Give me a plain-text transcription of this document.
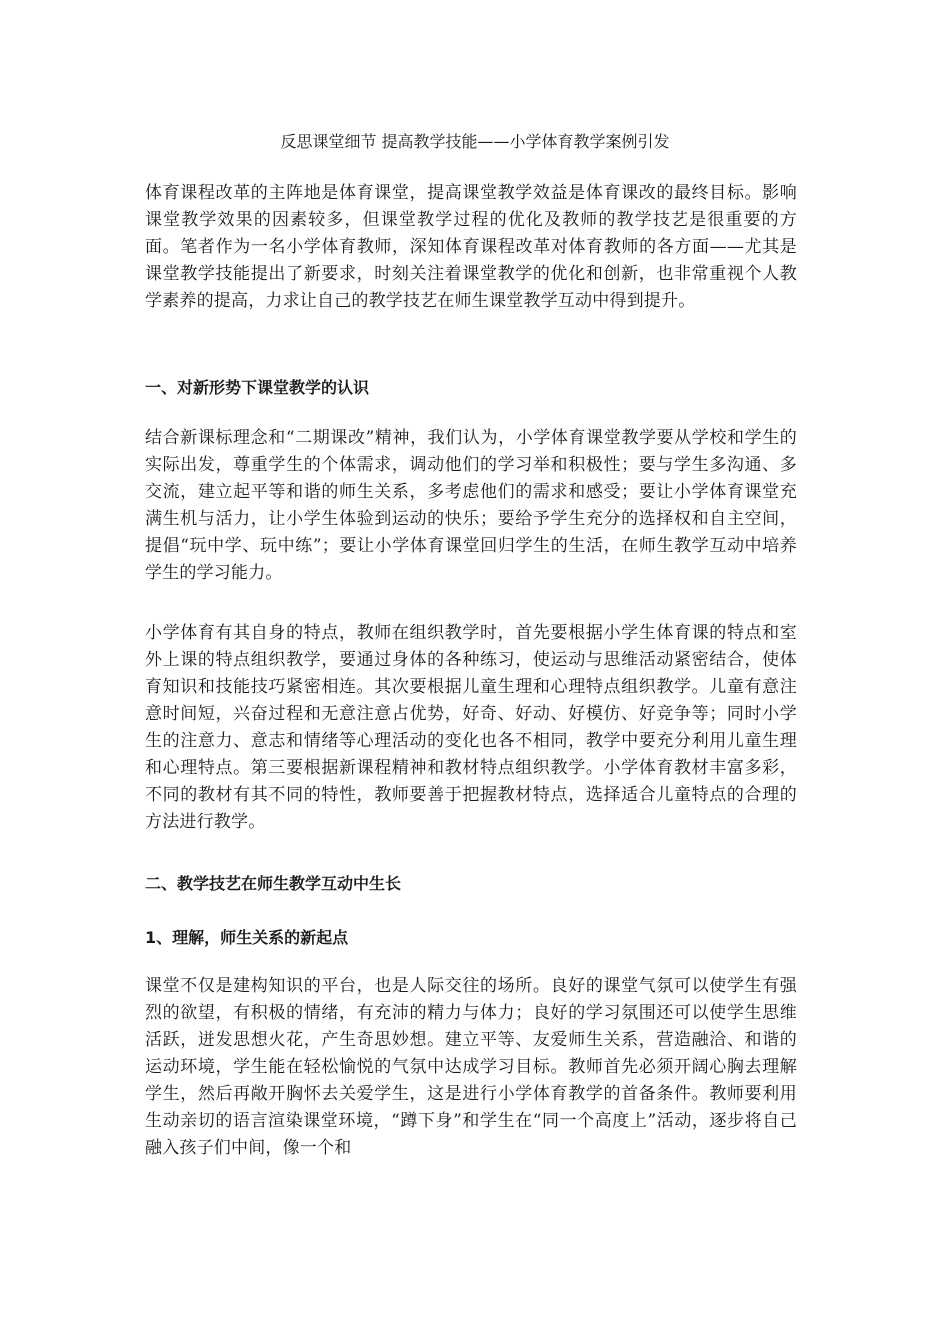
反思课堂细节 提高教学技能——小学体育教学案例引发

体育课程改革的主阵地是体育课堂，提高课堂教学效益是体育课改的最终目标。影响课堂教学效果的因素较多，但课堂教学过程的优化及教师的教学技艺是很重要的方面。笔者作为一名小学体育教师，深知体育课程改革对体育教师的各方面——尤其是课堂教学技能提出了新要求，时刻关注着课堂教学的优化和创新，也非常重视个人教学素养的提高，力求让自己的教学技艺在师生课堂教学互动中得到提升。

一、对新形势下课堂教学的认识

结合新课标理念和“二期课改”精神，我们认为，小学体育课堂教学要从学校和学生的实际出发，尊重学生的个体需求，调动他们的学习举和积极性；要与学生多沟通、多交流，建立起平等和谐的师生关系，多考虑他们的需求和感受；要让小学体育课堂充满生机与活力，让小学生体验到运动的快乐；要给予学生充分的选择权和自主空间，提倡“玩中学、玩中练”；要让小学体育课堂回归学生的生活，在师生教学互动中培养学生的学习能力。

小学体育有其自身的特点，教师在组织教学时，首先要根据小学生体育课的特点和室外上课的特点组织教学，要通过身体的各种练习，使运动与思维活动紧密结合，使体育知识和技能技巧紧密相连。其次要根据儿童生理和心理特点组织教学。儿童有意注意时间短，兴奋过程和无意注意占优势，好奇、好动、好模仿、好竞争等；同时小学生的注意力、意志和情绪等心理活动的变化也各不相同，教学中要充分利用儿童生理和心理特点。第三要根据新课程精神和教材特点组织教学。小学体育教材丰富多彩，不同的教材有其不同的特性，教师要善于把握教材特点，选择适合儿童特点的合理的方法进行教学。

二、教学技艺在师生教学互动中生长
1、理解，师生关系的新起点

课堂不仅是建构知识的平台，也是人际交往的场所。良好的课堂气氛可以使学生有强烈的欲望，有积极的情绪，有充沛的精力与体力；良好的学习氛围还可以使学生思维活跃，迸发思想火花，产生奇思妙想。建立平等、友爱师生关系，营造融洽、和谐的运动环境，学生能在轻松愉悦的气氛中达成学习目标。教师首先必须开阔心胸去理解学生，然后再敞开胸怀去关爱学生，这是进行小学体育教学的首备条件。教师要利用生动亲切的语言渲染课堂环境，“蹲下身”和学生在“同一个高度上”活动，逐步将自己融入孩子们中间，像一个和
